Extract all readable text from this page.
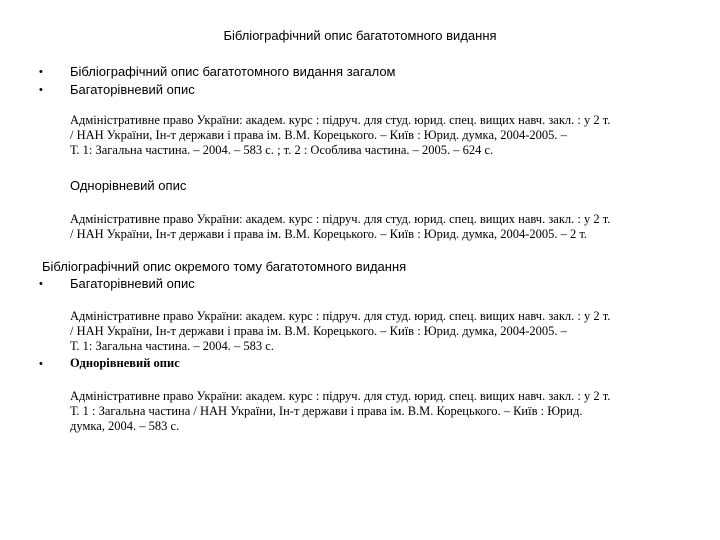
Бібліографічний опис багатотомного видання
• Бібліографічний опис багатотомного видання загалом
• Багаторівневий опис
Адміністративне право України: академ. курс : підруч. для студ. юрид. спец. вищих навч. закл. : у 2 т.
/ НАН України, Ін-т держави і права ім. В.М. Корецького. – Київ : Юрид. думка, 2004-2005. –
Т. 1: Загальна частина. – 2004. – 583 с. ; т. 2 : Особлива частина. – 2005. – 624 с.
Однорівневий опис
Адміністративне право України: академ. курс : підруч. для студ. юрид. спец. вищих навч. закл. : у 2 т.
/ НАН України, Ін-т держави і права ім. В.М. Корецького. – Київ : Юрид. думка, 2004-2005. – 2 т.
Бібліографічний опис окремого тому багатотомного видання
• Багаторівневий опис
Адміністративне право України: академ. курс : підруч. для студ. юрид. спец. вищих навч. закл. : у 2 т.
/ НАН України, Ін-т держави і права ім. В.М. Корецького. – Київ : Юрид. думка, 2004-2005. –
Т. 1: Загальна частина. – 2004. – 583 с.
• Однорівневий опис
Адміністративне право України: академ. курс : підруч. для студ. юрид. спец. вищих навч. закл. : у 2 т.
Т. 1 : Загальна частина / НАН України, Ін-т держави і права ім. В.М. Корецького. – Київ : Юрид.
думка, 2004. – 583 с.
